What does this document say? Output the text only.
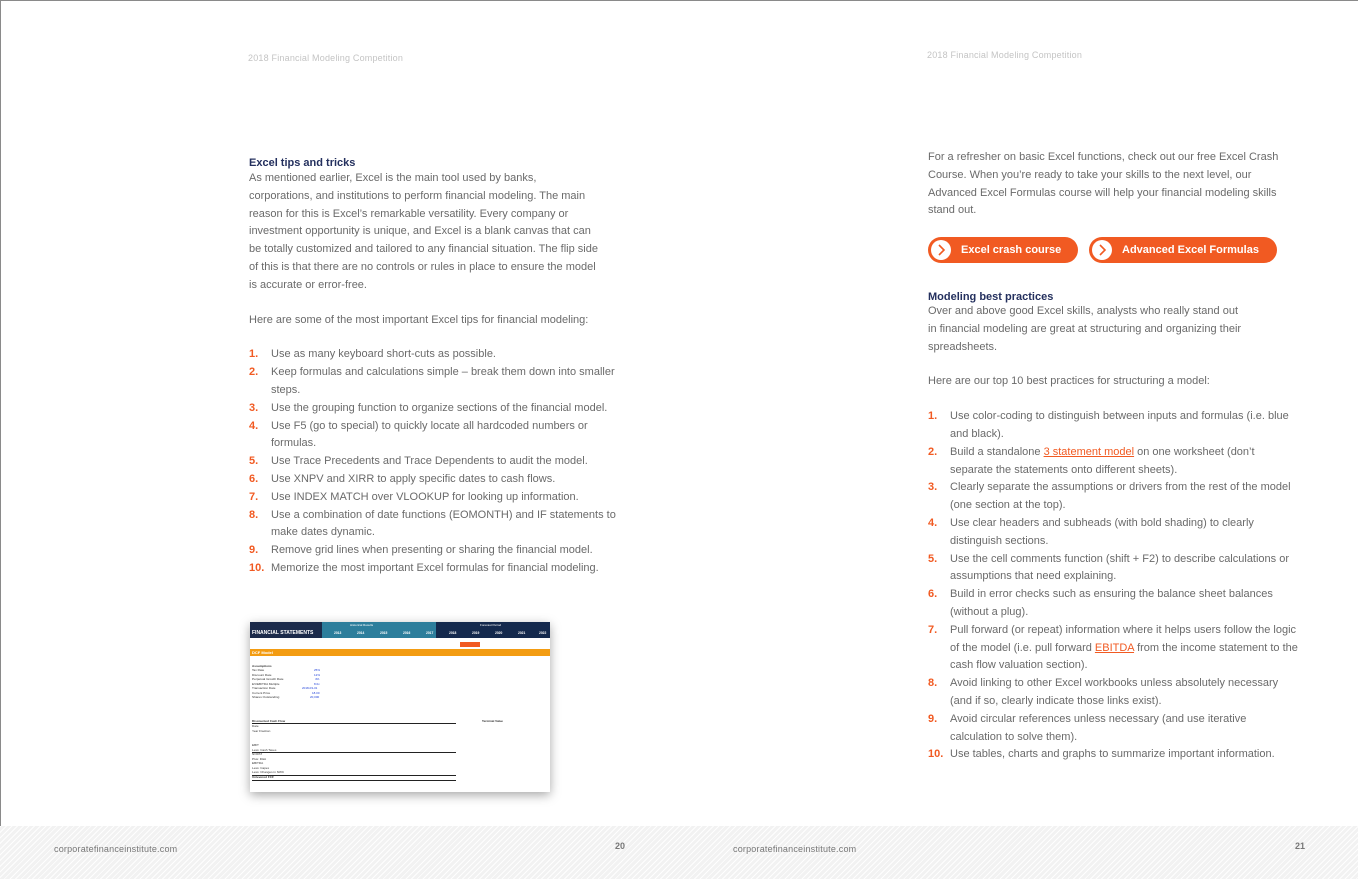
2018 Financial Modeling Competition	2018 Financial Modeling Competition
Excel tips and tricks

As mentioned earlier, Excel is the main tool used by banks,

corporations, and institutions to perform financial modeling. The main

reason for this is Excel’s remarkable versatility. Every company or

investment opportunity is unique, and Excel is a blank canvas that can

be totally customized and tailored to any financial situation. The flip side

of this is that there are no controls or rules in place to ensure the model

is accurate or error-free.

Here are some of the most important Excel tips for financial modeling:

1. Use as many keyboard short-cuts as possible.
2. Keep formulas and calculations simple – break them down into smaller steps.
3. Use the grouping function to organize sections of the financial model.
4. Use F5 (go to special) to quickly locate all hardcoded numbers or formulas.
5. Use Trace Precedents and Trace Dependents to audit the model.
6. Use XNPV and XIRR to apply specific dates to cash flows.
7. Use INDEX MATCH over VLOOKUP for looking up information.
8. Use a combination of date functions (EOMONTH) and IF statements to make dates dynamic.
9. Remove grid lines when presenting or sharing the financial model.
10. Memorize the most important Excel formulas for financial modeling.
FINANCIAL STATEMENTS
Historical Results	Forecast Period
2013	2014	2015	2016	2017	2018	2019	2020	2021	2022
DCF Model
Assumptions
Tax Rate	25%
Discount Rate	12%
Perpetual Growth Rate	4%
EV/EBITDA Multiple	8.0x
Transaction Date	2018-03-31
Current Price	18.00
Shares Outstanding	20,000
Discounted Cash Flow	Terminal Value
Date
Year Fraction
EBIT
Less: Cash Taxes
NOPAT
Plus: D&A
EBITDA
Less: Capex
Less: Changes in NWC
Unlevered FCF

For a refresher on basic Excel functions, check out our free Excel Crash

Course. When you’re ready to take your skills to the next level, our

Advanced Excel Formulas course will help your financial modeling skills

stand out.

Excel crash course	Advanced Excel Formulas
Modeling best practices

Over and above good Excel skills, analysts who really stand out

in financial modeling are great at structuring and organizing their

spreadsheets.

Here are our top 10 best practices for structuring a model:

1. Use color-coding to distinguish between inputs and formulas (i.e. blue and black).
2. Build a standalone 3 statement model on one worksheet (don’t separate the statements onto different sheets).
3. Clearly separate the assumptions or drivers from the rest of the model (one section at the top).
4. Use clear headers and subheads (with bold shading) to clearly distinguish sections.
5. Use the cell comments function (shift + F2) to describe calculations or assumptions that need explaining.
6. Build in error checks such as ensuring the balance sheet balances (without a plug).
7. Pull forward (or repeat) information where it helps users follow the logic of the model (i.e. pull forward EBITDA from the income statement to the cash flow valuation section).
8. Avoid linking to other Excel workbooks unless absolutely necessary (and if so, clearly indicate those links exist).
9. Avoid circular references unless necessary (and use iterative calculation to solve them).
10. Use tables, charts and graphs to summarize important information.
corporatefinanceinstitute.com	20	corporatefinanceinstitute.com	21
